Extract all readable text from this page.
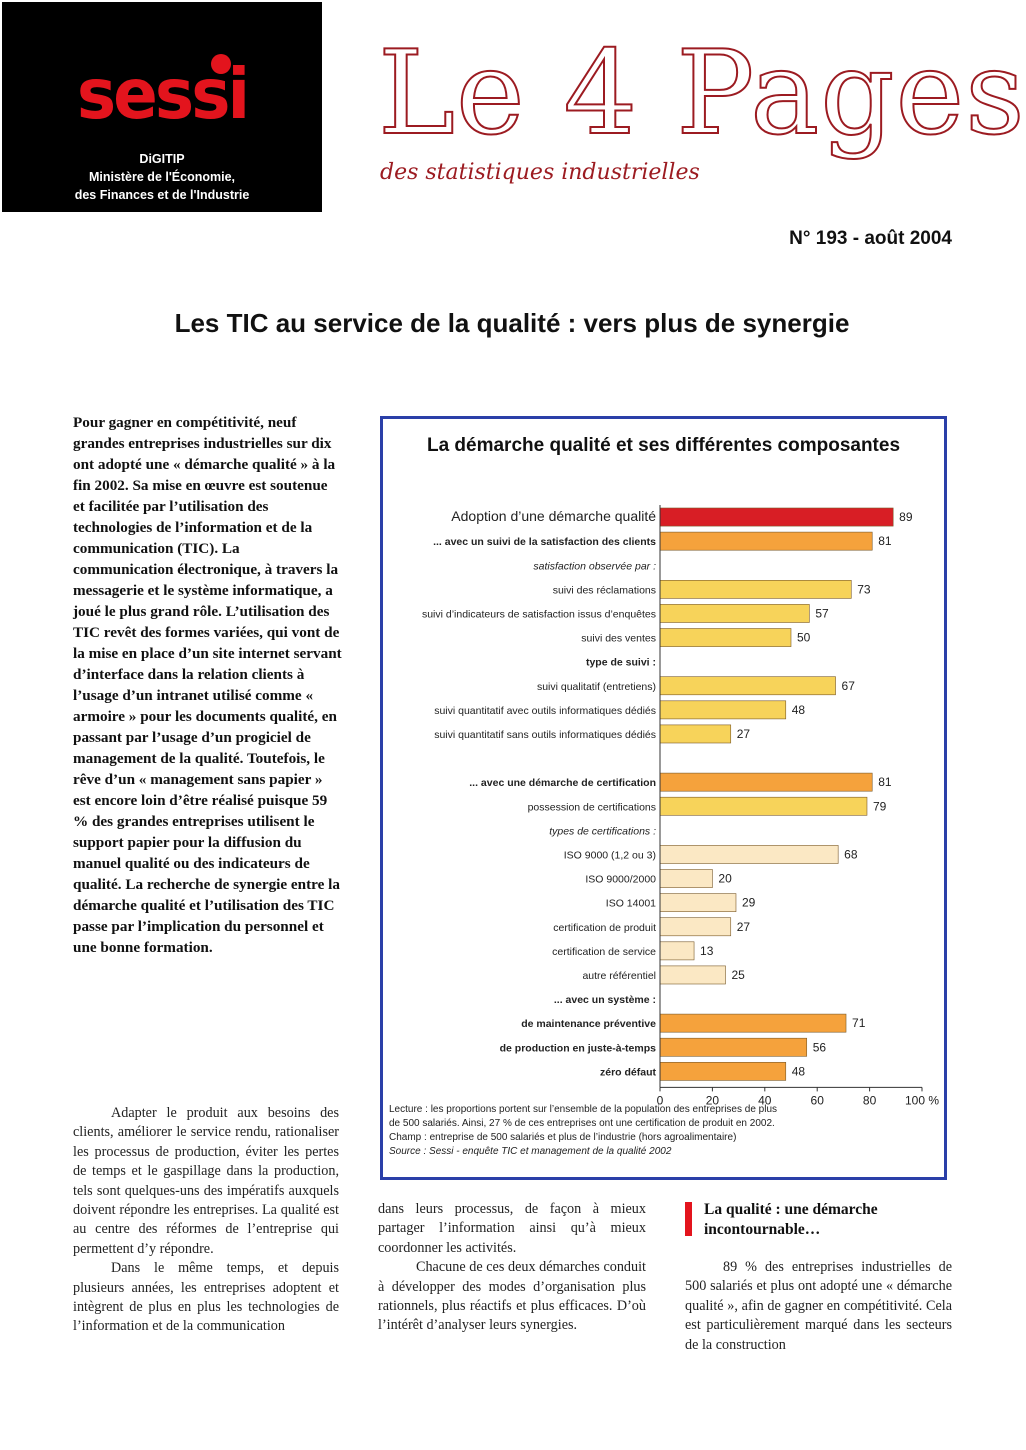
sessi
DiGITIP
Ministère de l'Économie,
des Finances et de l'Industrie
Le 4 Pages
des statistiques industrielles
N° 193 - août 2004
Les TIC au service de la qualité : vers plus de synergie
Pour gagner en compétitivité, neuf grandes entreprises industrielles sur dix ont adopté une « démarche qualité » à la fin 2002. Sa mise en œuvre est soutenue et facilitée par l’utilisation des technologies de l’information et de la communication (TIC). La communication électronique, à travers la messagerie et le système informatique, a joué le plus grand rôle. L’utilisation des TIC revêt des formes variées, qui vont de la mise en place d’un site internet servant d’interface dans la relation clients à l’usage d’un intranet utilisé comme « armoire » pour les documents qualité, en passant par l’usage d’un progiciel de management de la qualité. Toutefois, le rêve d’un « management sans papier » est encore loin d’être réalisé puisque 59 % des grandes entreprises utilisent le support papier pour la diffusion du manuel qualité ou des indicateurs de qualité. La recherche de synergie entre la démarche qualité et l’utilisation des TIC passe par l’implication du personnel et une bonne formation.

Adapter le produit aux besoins des clients, améliorer le service rendu, rationaliser les processus de production, éviter les pertes de temps et le gaspillage dans la production, tels sont quelques-uns des impératifs auxquels doivent répondre les entreprises. La qualité est au centre des réformes de l’entreprise qui permettent d’y répondre.

Dans le même temps, et depuis plusieurs années, les entreprises adoptent et intègrent de plus en plus les technologies de l’information et de la communication

dans leurs processus, de façon à mieux partager l’information ainsi qu’à mieux coordonner les activités.

Chacune de ces deux démarches conduit à développer des modes d’organisation plus rationnels, plus réactifs et plus efficaces. D’où l’intérêt d’analyser leurs synergies.

La qualité : une démarche incontournable…

89 % des entreprises industrielles de 500 salariés et plus ont adopté une « démarche qualité », afin de gagner en compétitivité. Cela est particulièrement marqué dans les secteurs de la construction

La démarche qualité et ses différentes composantes
Adoption d’une démarche qualité	89
... avec un suivi de la satisfaction des clients	81
satisfaction observée par :
suivi des réclamations	73
suivi d’indicateurs de satisfaction issus d’enquêtes	57
suivi des ventes	50
type de suivi :
suivi qualitatif (entretiens)	67
suivi quantitatif avec outils informatiques dédiés	48
suivi quantitatif sans outils informatiques dédiés	27
... avec une démarche de certification	81
possession de certifications	79
types de certifications :
ISO 9000 (1,2 ou 3)	68
ISO 9000/2000	20
ISO 14001	29
certification de produit	27
certification de service	13
autre référentiel	25
... avec un système :
de maintenance préventive	71
de production en juste-à-temps	56
zéro défaut	48
0	20	40	60	80 100 %
Lecture : les proportions portent sur l’ensemble de la population des entreprises de plus
de 500 salariés. Ainsi, 27 % de ces entreprises ont une certification de produit en 2002.
Champ : entreprise de 500 salariés et plus de l’industrie (hors agroalimentaire)
Source : Sessi - enquête TIC et management de la qualité 2002
